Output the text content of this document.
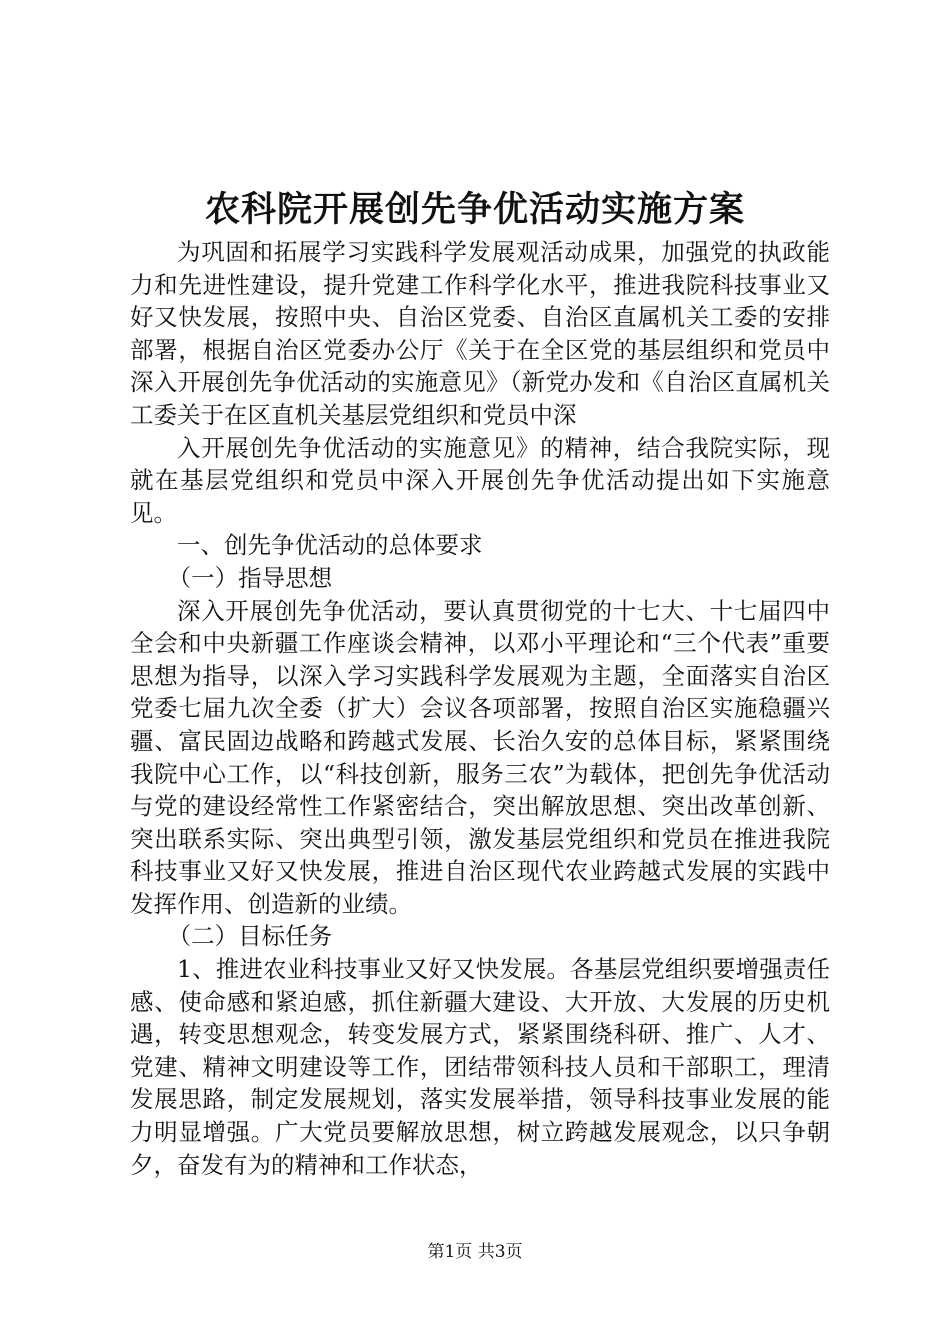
农科院开展创先争优活动实施方案

为巩固和拓展学习实践科学发展观活动成果，加强党的执政能力和先进性建设，提升党建工作科学化水平，推进我院科技事业又好又快发展，按照中央、自治区党委、自治区直属机关工委的安排部署，根据自治区党委办公厅《关于在全区党的基层组织和党员中深入开展创先争优活动的实施意见》（新党办发和《自治区直属机关工委关于在区直机关基层党组织和党员中深

入开展创先争优活动的实施意见》的精神，结合我院实际，现就在基层党组织和党员中深入开展创先争优活动提出如下实施意见。

一、创先争优活动的总体要求

（一）指导思想

深入开展创先争优活动，要认真贯彻党的十七大、十七届四中全会和中央新疆工作座谈会精神，以邓小平理论和“三个代表”重要思想为指导，以深入学习实践科学发展观为主题，全面落实自治区党委七届九次全委（扩大）会议各项部署，按照自治区实施稳疆兴疆、富民固边战略和跨越式发展、长治久安的总体目标，紧紧围绕我院中心工作，以“科技创新，服务三农”为载体，把创先争优活动与党的建设经常性工作紧密结合，突出解放思想、突出改革创新、突出联系实际、突出典型引领，激发基层党组织和党员在推进我院科技事业又好又快发展，推进自治区现代农业跨越式发展的实践中发挥作用、创造新的业绩。

（二）目标任务

1、推进农业科技事业又好又快发展。各基层党组织要增强责任感、使命感和紧迫感，抓住新疆大建设、大开放、大发展的历史机遇，转变思想观念，转变发展方式，紧紧围绕科研、推广、人才、党建、精神文明建设等工作，团结带领科技人员和干部职工，理清发展思路，制定发展规划，落实发展举措，领导科技事业发展的能力明显增强。广大党员要解放思想，树立跨越发展观念，以只争朝夕，奋发有为的精神和工作状态，

第1页 共3页
